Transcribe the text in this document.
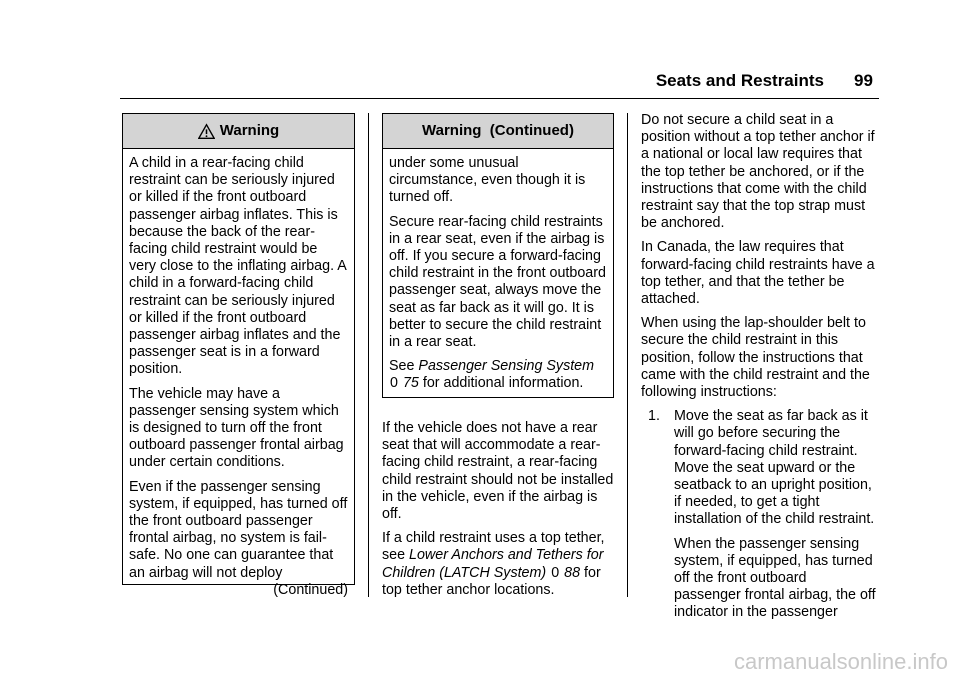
Seats and Restraints 99
Warning

A child in a rear-facing child restraint can be seriously injured or killed if the front outboard passenger airbag inflates. This is because the back of the rear-facing child restraint would be very close to the inflating airbag. A child in a forward-facing child restraint can be seriously injured or killed if the front outboard passenger airbag inflates and the passenger seat is in a forward position.

The vehicle may have a passenger sensing system which is designed to turn off the front outboard passenger frontal airbag under certain conditions.

Even if the passenger sensing system, if equipped, has turned off the front outboard passenger frontal airbag, no system is fail-safe. No one can guarantee that an airbag will not deploy

(Continued)
Warning  (Continued)

under some unusual circumstance, even though it is turned off.

Secure rear-facing child restraints in a rear seat, even if the airbag is off. If you secure a forward-facing child restraint in the front outboard passenger seat, always move the seat as far back as it will go. It is better to secure the child restraint in a rear seat.

See Passenger Sensing System
0 75 for additional information.

If the vehicle does not have a rear seat that will accommodate a rear-facing child restraint, a rear-facing child restraint should not be installed in the vehicle, even if the airbag is off.

If a child restraint uses a top tether, see Lower Anchors and Tethers for Children (LATCH System) 0 88 for top tether anchor locations.

Do not secure a child seat in a position without a top tether anchor if a national or local law requires that the top tether be anchored, or if the instructions that come with the child restraint say that the top strap must be anchored.

In Canada, the law requires that forward-facing child restraints have a top tether, and that the tether be attached.

When using the lap-shoulder belt to secure the child restraint in this position, follow the instructions that came with the child restraint and the following instructions:

1. Move the seat as far back as it will go before securing the forward-facing child restraint. Move the seat upward or the seatback to an upright position, if needed, to get a tight installation of the child restraint.

When the passenger sensing system, if equipped, has turned off the front outboard passenger frontal airbag, the off indicator in the passenger

carmanualsonline.info
